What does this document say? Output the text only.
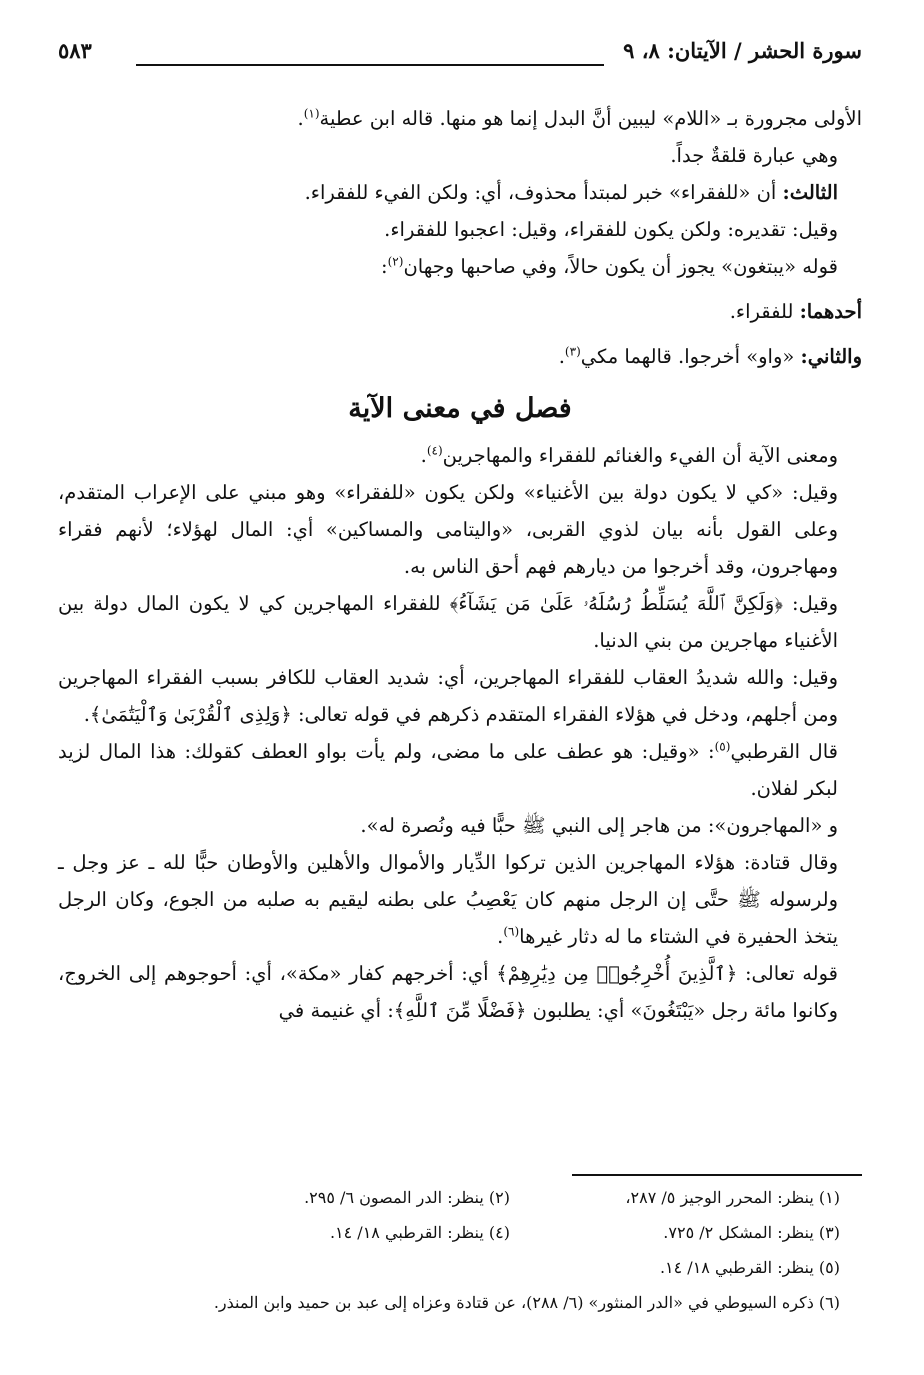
سورة الحشر / الآيتان: ٨، ٩
٥٨٣

الأولى مجرورة بـ «اللام» ليبين أنَّ البدل إنما هو منها. قاله ابن عطية$^{(١)}$.

وهي عبارة قلقةٌ جداً.

الثالث: أن «للفقراء» خبر لمبتدأ محذوف، أي: ولكن الفيء للفقراء.

وقيل: تقديره: ولكن يكون للفقراء، وقيل: اعجبوا للفقراء.

قوله «يبتغون» يجوز أن يكون حالاً، وفي صاحبها وجهان$^{(٢)}$:

أحدهما: للفقراء.

والثاني: «واو» أخرجوا. قالهما مكي$^{(٣)}$.

فصل في معنى الآية

ومعنى الآية أن الفيء والغنائم للفقراء والمهاجرين$^{(٤)}$.

وقيل: «كي لا يكون دولة بين الأغنياء» ولكن يكون «للفقراء» وهو مبني على الإعراب المتقدم، وعلى القول بأنه بيان لذوي القربى، «واليتامى والمساكين» أي: المال لهؤلاء؛ لأنهم فقراء ومهاجرون، وقد أخرجوا من ديارهم فهم أحق الناس به.

وقيل: ﴿وَلَكِنَّ ٱللَّهَ يُسَلِّطُ رُسُلَهُۥ عَلَىٰ مَن يَشَآءُ﴾ للفقراء المهاجرين كي لا يكون المال دولة بين الأغنياء مهاجرين من بني الدنيا.

وقيل: والله شديدُ العقاب للفقراء المهاجرين، أي: شديد العقاب للكافر بسبب الفقراء المهاجرين ومن أجلهم، ودخل في هؤلاء الفقراء المتقدم ذكرهم في قوله تعالى: ﴿وَلِذِى ٱلْقُرْبَىٰ وَٱلْيَتَٰمَىٰ﴾.

قال القرطبي$^{(٥)}$: «وقيل: هو عطف على ما مضى، ولم يأت بواو العطف كقولك: هذا المال لزيد لبكر لفلان.

و «المهاجرون»: من هاجر إلى النبي ﷺ حبًّا فيه ونُصرة له».

وقال قتادة: هؤلاء المهاجرين الذين تركوا الدِّيار والأموال والأهلين والأوطان حبًّا لله ـ عز وجل ـ ولرسوله ﷺ حتَّى إن الرجل منهم كان يَعْصِبُ على بطنه ليقيم به صلبه من الجوع، وكان الرجل يتخذ الحفيرة في الشتاء ما له دثار غيرها$^{(٦)}$.

قوله تعالى: ﴿ٱلَّذِينَ أُخْرِجُوا۟ مِن دِيَٰرِهِمْ﴾ أي: أخرجهم كفار «مكة»، أي: أحوجوهم إلى الخروج، وكانوا مائة رجل «يَبْتَغُونَ» أي: يطلبون ﴿فَضْلًا مِّنَ ٱللَّهِ﴾: أي غنيمة في

(١) ينظر: المحرر الوجيز ٥/ ٢٨٧،
(٢) ينظر: الدر المصون ٦/ ٢٩٥.
(٣) ينظر: المشكل ٢/ ٧٢٥.
(٤) ينظر: القرطبي ١٨/ ١٤.
(٥) ينظر: القرطبي ١٨/ ١٤.
(٦) ذكره السيوطي في «الدر المنثور» (٦/ ٢٨٨)، عن قتادة وعزاه إلى عبد بن حميد وابن المنذر.
